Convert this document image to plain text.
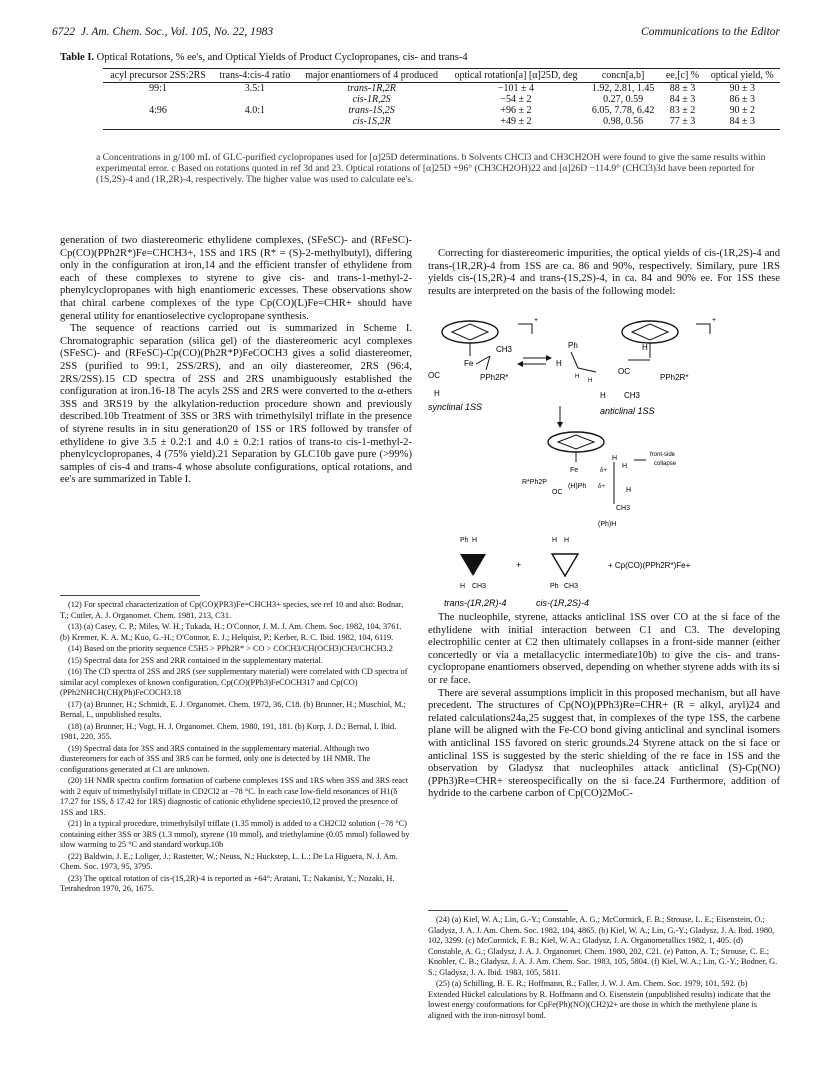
6722 J. Am. Chem. Soc., Vol. 105, No. 22, 1983	Communications to the Editor
Table I. Optical Rotations, % ee's, and Optical Yields of Product Cyclopropanes, cis- and trans-4
acyl precursor 2SS:2RS	trans-4:cis-4 ratio	major enantiomers of 4 produced	optical rotation[a] [α]25D, deg	concn[a,b]	ee,[c] %	optical yield, %
99:1	3.5:1	trans-1R,2R	−101 ± 4	1.92, 2.81, 1.45	88 ± 3	90 ± 3
		cis-1R,2S	−54 ± 2	0.27, 0.59	84 ± 3	86 ± 3
4:96	4.0:1	trans-1S,2S	+96 ± 2	6.05, 7.78, 6.42	83 ± 2	90 ± 2
		cis-1S,2R	+49 ± 2	0.98, 0.56	77 ± 3	84 ± 3
a Concentrations in g/100 mL of GLC-purified cyclopropanes used for [α]25D determinations. b Solvents CHCl3 and CH3CH2OH were found to give the same results within experimental error. c Based on rotations quoted in ref 3d and 23. Optical rotations of [α]25D +96° (CH3CH2OH)22 and [α]26D −114.9° (CHCl3)3d have been reported for (1S,2S)-4 and (1R,2R)-4, respectively. The higher value was used to calculate ee's.

generation of two diastereomeric ethylidene complexes, (SFeSC)- and (RFeSC)-Cp(CO)(PPh2R*)Fe=CHCH3+, 1SS and 1RS (R* = (S)-2-methylbutyl), differing only in the configuration at iron,14 and the efficient transfer of ethylidene from each of these complexes to styrene to give cis- and trans-1-methyl-2-phenylcyclopropanes with high enantiomeric excesses. These observations show that chiral carbene complexes of the type Cp(CO)(L)Fe=CHR+ should have general utility for enantioselective cyclopropane synthesis.

The sequence of reactions carried out is summarized in Scheme I. Chromatographic separation (silica gel) of the diastereomeric acyl complexes (SFeSC)- and (RFeSC)-Cp(CO)(Ph2R*P)FeCOCH3 gives a solid diastereomer, 2SS (purified to 99:1, 2SS/2RS), and an oily diastereomer, 2RS (96:4, 2RS/2SS).15 CD spectra of 2SS and 2RS unambiguously established the configuration at iron.16-18 The acyls 2SS and 2RS were converted to the α-ethers 3SS and 3RS19 by the alkylation-reduction procedure shown and previously described.10b Treatment of 3SS or 3RS with trimethylsilyl triflate in the presence of styrene results in in situ generation20 of 1SS or 1RS followed by transfer of ethylidene to give 3.5 ± 0.2:1 and 4.0 ± 0.2:1 ratios of trans-to cis-1-methyl-2-phenylcyclopropanes, 4 (75% yield).21 Separation by GLC10b gave pure (>99%) samples of cis-4 and trans-4 whose absolute configurations, optical rotations, and ee's are summarized in Table I.

(12) For spectral characterization of Cp(CO)(PR3)Fe=CHCH3+ species, see ref 10 and also: Bodnar, T.; Cutler, A. J. Organomet. Chem. 1981, 213, C31.

(13) (a) Casey, C. P.; Miles, W. H.; Tukada, H.; O'Connor, J. M. J. Am. Chem. Soc. 1982, 104, 3761. (b) Kremer, K. A. M.; Kuo, G.-H.; O'Connor, E. J.; Helquist, P.; Kerber, R. C. Ibid. 1982, 104, 6119.

(14) Based on the priority sequence C5H5 > PPh2R* > CO > COCH3/CH(OCH3)CH3/CHCH3.2

(15) Spectral data for 2SS and 2RR contained in the supplementary material.

(16) The CD spectra of 2SS and 2RS (see supplementary material) were correlated with CD spectra of similar acyl complexes of known configuration, Cp(CO)(PPh3)FeCOCH317 and Cp(CO)(PPh2NHCH(CH)(Ph)FeCOCH3.18

(17) (a) Brunner, H.; Schmidt, E. J. Organomet. Chem. 1972, 36, C18. (b) Brunner, H.; Muschiol, M.; Bernal, I., unpublished results.

(18) (a) Brunner, H.; Vogt, H. J. Organomet. Chem. 1980, 191, 181. (b) Korp, J. D.; Bernal, I. Ibid. 1981, 220, 355.

(19) Spectral data for 3SS and 3RS contained in the supplementary material. Although two diastereomers for each of 3SS and 3RS can be formed, only one is detected by 1H NMR. The configurations generated at C1 are unknown.

(20) 1H NMR spectra confirm formation of carbene complexes 1SS and 1RS when 3SS and 3RS react with 2 equiv of trimethylsilyl triflate in CD2Cl2 at −78 °C. In each case low-field resonances of H1(δ 17.27 for 1SS, δ 17.42 for 1RS) diagnostic of cationic ethylidene species10,12 proved the presence of 1SS and 1RS.

(21) In a typical procedure, trimethylsilyl triflate (1.35 mmol) is added to a CH2Cl2 solution (−78 °C) containing either 3SS or 3RS (1.3 mmol), styrene (10 mmol), and triethylamine (0.05 mmol) followed by slow warming to 25 °C and standard workup.10b

(22) Baldwin, J. E.; Loliger, J.; Rastetter, W.; Neuss, N.; Huckstep, L. L.; De La Higuera, N. J. Am. Chem. Soc. 1973, 95, 3795.

(23) The optical rotation of cis-(1S,2R)-4 is reported as +64°: Aratani, T.; Nakanisi, Y.; Nozaki, H. Tetrahedron 1970, 26, 1675.

Correcting for diastereomeric impurities, the optical yields of cis-(1R,2S)-4 and trans-(1R,2R)-4 from 1SS are ca. 86 and 90%, respectively. Similary, pure 1RS yields cis-(1S,2R)-4 and trans-(1S,2S)-4, in ca. 84 and 90% ee. For 1SS these results are interpreted on the basis of the following model:

Fe
OC	PPh2R*
CH3
H
synclinal 1SS
+
H
Ph
H
H
OC
PPh2R*
H
CH3
H
+
anticlinal 1SS
Fe
R*Ph2P
OC
(H)Ph
δ+
δ+
H
H
H
CH3
front-side
collapse
(Ph)H
Ph H
H CH3
trans-(1R,2R)-4
+
H H
Ph CH3
cis-(1R,2S)-4
+ Cp(CO)(PPh2R*)Fe+

The nucleophile, styrene, attacks anticlinal 1SS over CO at the si face of the ethylidene with initial interaction between C1 and C3. The developing electrophilic center at C2 then ultimately collapses in a front-side manner (either concertedly or via a metallacyclic intermediate10b) to give the cis- and trans-cyclopropane enantiomers observed, depending on whether styrene adds with its si or re face.

There are several assumptions implicit in this proposed mechanism, but all have precedent. The structures of Cp(NO)(PPh3)Re=CHR+ (R = alkyl, aryl)24 and related calculations24a,25 suggest that, in complexes of the type 1SS, the carbene plane will be aligned with the Fe-CO bond giving anticlinal and synclinal isomers with anticlinal 1SS favored on steric grounds.24 Styrene attack on the si face or anticlinal 1SS is suggested by the steric shielding of the re face in 1SS and the observation by Gladysz that nucleophiles attack anticlinal (S)-Cp(NO)(PPh3)Re=CHR+ stereospecifically on the si face.24 Furthermore, addition of hydride to the carbene carbon of Cp(CO)2MoC-

(24) (a) Kiel, W. A.; Lin, G.-Y.; Constable, A. G.; McCormick, F. B.; Strouse, L. E.; Eisenstein, O.; Gladysz, J. A. J. Am. Chem. Soc. 1982, 104, 4865. (b) Kiel, W. A.; Lin, G.-Y.; Gladysz, J. A. Ibid. 1980, 102, 3299. (c) McCormick, F. B.; Kiel, W. A.; Gladysz, J. A. Organometallics 1982, 1, 405. (d) Constable, A. G.; Gladysz, J. A. J. Organomet. Chem. 1980, 202, C21. (e) Patton, A. T.; Strouse, C. E.; Knobler, C. B.; Gladysz, J. A. J. Am. Chem. Soc. 1983, 105, 5804. (f) Kiel, W. A.; Lin, G.-Y.; Bodner, G. S.; Gladysz, J. A. Ibid. 1983, 105, 5811.

(25) (a) Schilling, B. E. R.; Hoffmann, R.; Faller, J. W. J. Am. Chem. Soc. 1979, 101, 592. (b) Extended Hückel calculations by R. Hoffmann and O. Eisenstein (unpublished results) indicate that the lowest energy conformations for CpFe(Ph)(NO)(CH2)2+ are those in which the methylene plane is aligned with the iron-nitrosyl bond.
